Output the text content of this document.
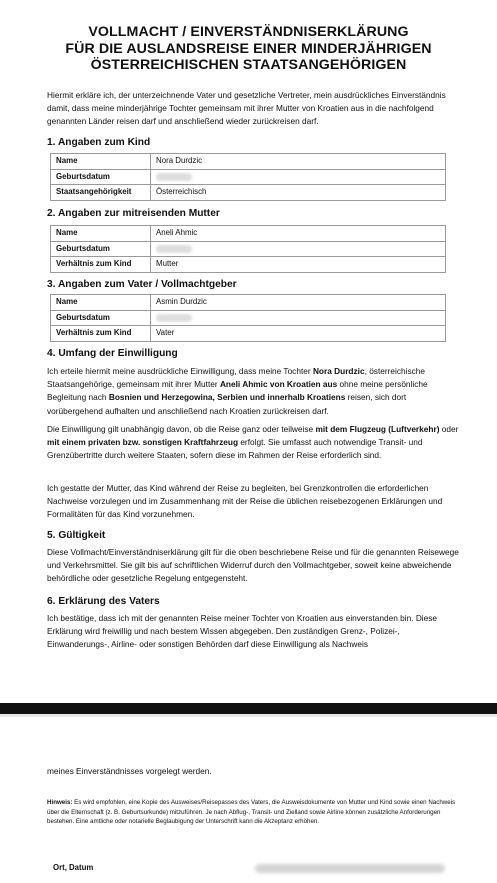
VOLLMACHT / EINVERSTÄNDNISERKLÄRUNG
FÜR DIE AUSLANDSREISE EINER MINDERJÄHRIGEN
ÖSTERREICHISCHEN STAATSANGEHÖRIGEN
Hiermit erkläre ich, der unterzeichnende Vater und gesetzliche Vertreter, mein ausdrückliches Einverständnis damit, dass meine minderjährige Tochter gemeinsam mit ihrer Mutter von Kroatien aus in die nachfolgend genannten Länder reisen darf und anschließend wieder zurückreisen darf.
1. Angaben zum Kind
Name	Nora Durdzic
Geburtsdatum	
Staatsangehörigkeit	Österreichisch
2. Angaben zur mitreisenden Mutter
Name	Aneli Ahmic
Geburtsdatum	
Verhältnis zum Kind	Mutter
3. Angaben zum Vater / Vollmachtgeber
Name	Asmin Durdzic
Geburtsdatum	
Verhältnis zum Kind	Vater
4. Umfang der Einwilligung
Ich erteile hiermit meine ausdrückliche Einwilligung, dass meine Tochter Nora Durdzic, österreichische Staatsangehörige, gemeinsam mit ihrer Mutter Aneli Ahmic von Kroatien aus ohne meine persönliche Begleitung nach Bosnien und Herzegowina, Serbien und innerhalb Kroatiens reisen, sich dort vorübergehend aufhalten und anschließend nach Kroatien zurückreisen darf.
Die Einwilligung gilt unabhängig davon, ob die Reise ganz oder teilweise mit dem Flugzeug (Luftverkehr) oder mit einem privaten bzw. sonstigen Kraftfahrzeug erfolgt. Sie umfasst auch notwendige Transit- und Grenzübertritte durch weitere Staaten, sofern diese im Rahmen der Reise erforderlich sind.
Ich gestatte der Mutter, das Kind während der Reise zu begleiten, bei Grenzkontrollen die erforderlichen Nachweise vorzulegen und im Zusammenhang mit der Reise die üblichen reisebezogenen Erklärungen und Formalitäten für das Kind vorzunehmen.
5. Gültigkeit
Diese Vollmacht/Einverständniserklärung gilt für die oben beschriebene Reise und für die genannten Reisewege und Verkehrsmittel. Sie gilt bis auf schriftlichen Widerruf durch den Vollmachtgeber, soweit keine abweichende behördliche oder gesetzliche Regelung entgegensteht.
6. Erklärung des Vaters
Ich bestätige, dass ich mit der genannten Reise meiner Tochter von Kroatien aus einverstanden bin. Diese Erklärung wird freiwillig und nach bestem Wissen abgegeben. Den zuständigen Grenz-, Polizei-, Einwanderungs-, Airline- oder sonstigen Behörden darf diese Einwilligung als Nachweis
meines Einverständnisses vorgelegt werden.
Hinweis: Es wird empfohlen, eine Kopie des Ausweises/Reisepasses des Vaters, die Ausweisdokumente von Mutter und Kind sowie einen Nachweis über die Elternschaft (z. B. Geburtsurkunde) mitzuführen. Je nach Abflug-, Transit- und Zielland sowie Airline können zusätzliche Anforderungen bestehen. Eine amtliche oder notarielle Beglaubigung der Unterschrift kann die Akzeptanz erhöhen.
Ort, Datum
